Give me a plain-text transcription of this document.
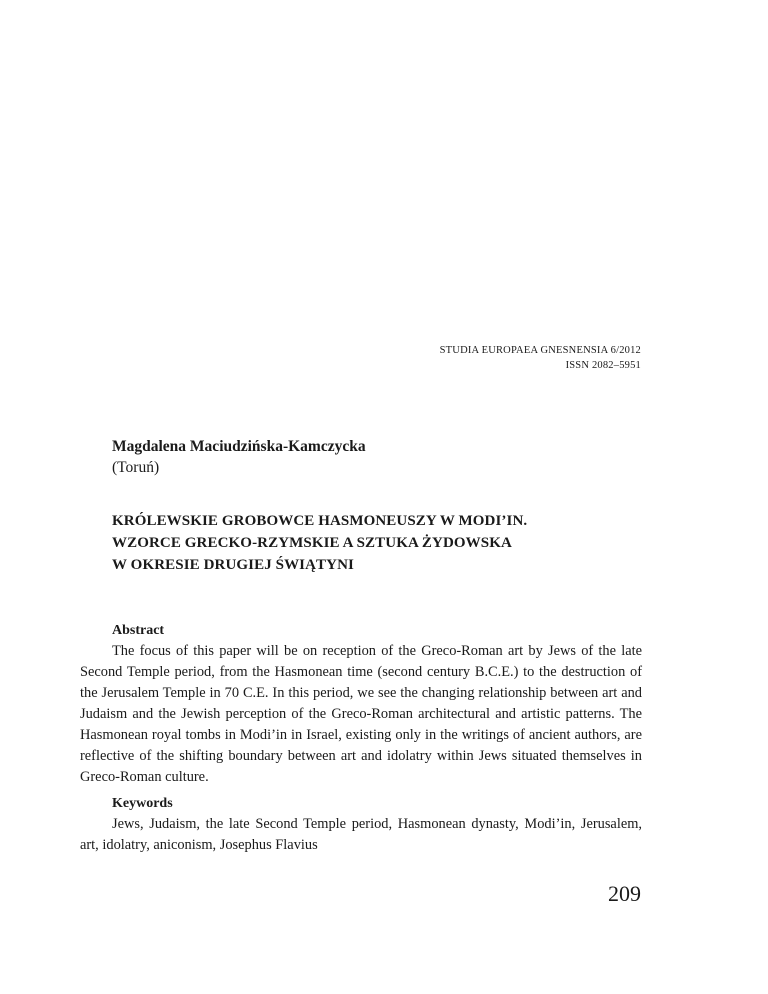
STUDIA EUROPAEA GNESNENSIA 6/2012
ISSN 2082–5951
Magdalena Maciudzińska-Kamczycka
(Toruń)
KRÓLEWSKIE GROBOWCE HASMONEUSZY W MODI’IN.
WZORCE GRECKO-RZYMSKIE A SZTUKA ŻYDOWSKA
W OKRESIE DRUGIEJ ŚWIĄTYNI
Abstract

The focus of this paper will be on reception of the Greco-Roman art by Jews of the late Second Temple period, from the Hasmonean time (second century B.C.E.) to the destruction of the Jerusalem Temple in 70 C.E. In this period, we see the changing relationship between art and Judaism and the Jewish perception of the Greco-Roman architectural and artistic patterns. The Hasmonean royal tombs in Modi’in in Israel, existing only in the writings of ancient authors, are reflective of the shifting boundary between art and idolatry within Jews situated themselves in Greco-Roman culture.

Keywords

Jews, Judaism, the late Second Temple period, Hasmonean dynasty, Modi’in, Jerusalem, art, idolatry, aniconism, Josephus Flavius

209
